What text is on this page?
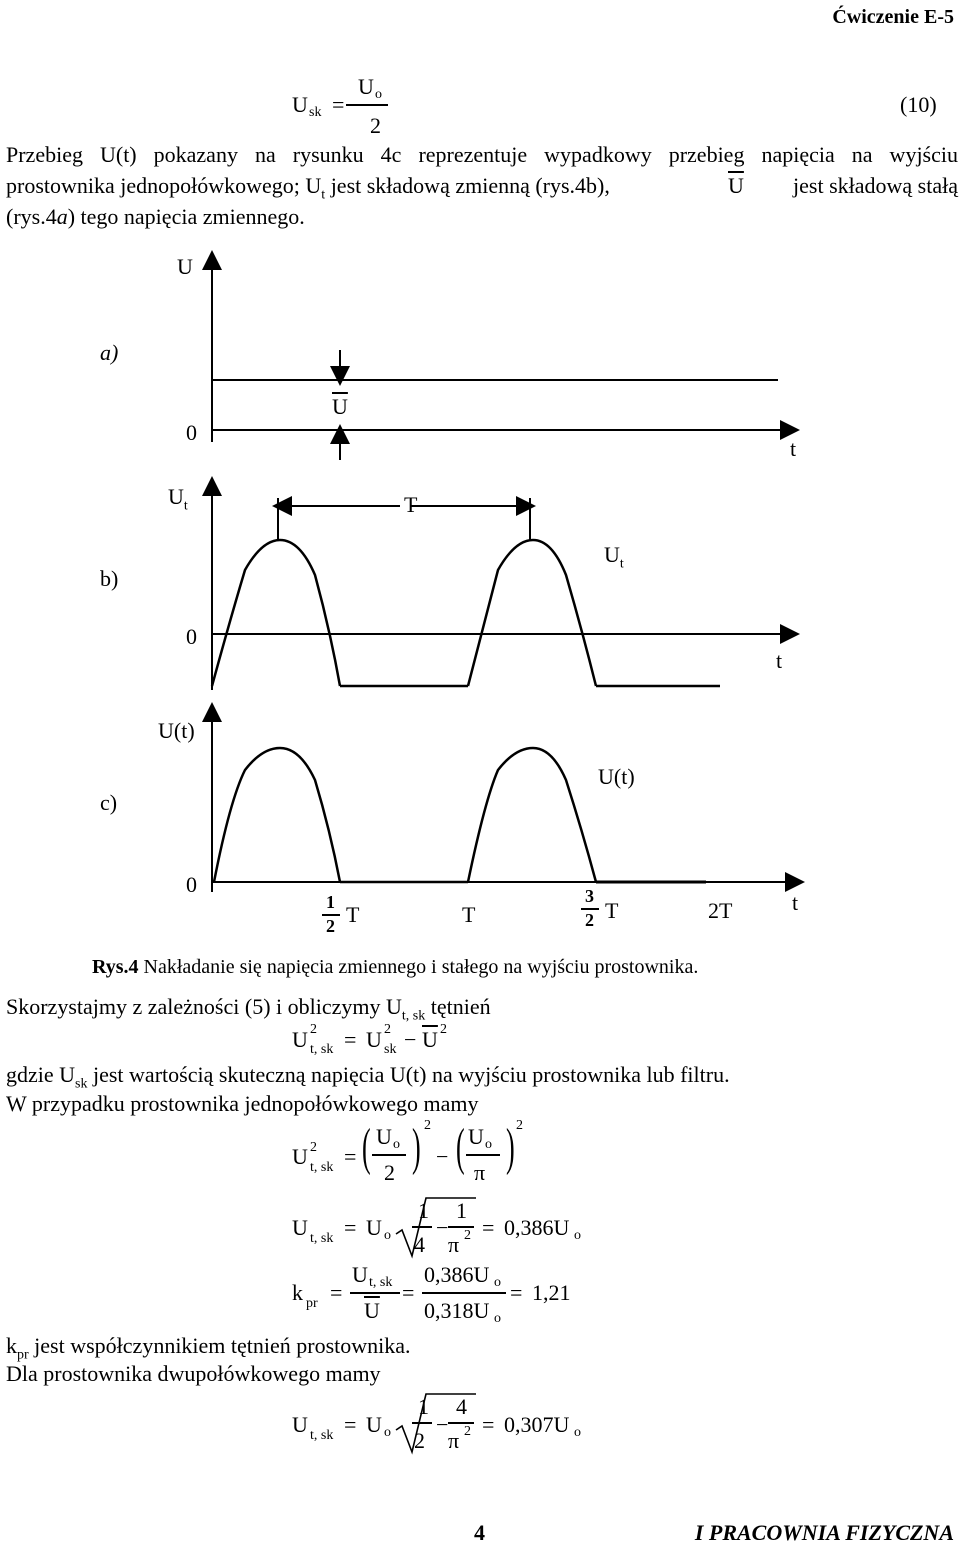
Ćwiczenie E-5
U sk =
U o
2
(10)
Przebieg U(t) pokazany na rysunku 4c reprezentuje wypadkowy przebieg napięcia na wyjściu
prostownika jednopołówkowego; $U_t$ jest składową zmienną (rys.4b),	$\overline{U}$	jest składową stałą
(rys.4a) tego napięcia zmiennego.
U
a)
0
$\overline{U}$
t
$U_t$	T
$U_t$
b)
0
t
U(t)
U(t)
c)
0
t
1
2 T	T
3
2 T	2T
Rys.4 Nakładanie się napięcia zmiennego i stałego na wyjściu prostownika.
Skorzystajmy z zależności (5) i obliczymy $U_{t, sk}$ tętnień
U 2
t, sk = U 2
sk − $\overline{U}$ 2
gdzie $U_{sk}$ jest wartością skuteczną napięcia U(t) na wyjściu prostownika lub filtru.
W przypadku prostownika jednopołówkowego mamy
U 2
t, sk = ( U o
2 ) 2
− ( U o
π ) 2
U t, sk = U o
1
4
−
1
π 2 = 0,386U o
k pr =
U t, sk
$\overline{U}$
=
0,386U o
0,318U o
= 1,21
$k_{pr}$ jest współczynnikiem tętnień prostownika.
Dla prostownika dwupołówkowego mamy
U t, sk = U o
1
2
−
4
π 2 = 0,307U o
4	I PRACOWNIA FIZYCZNA
